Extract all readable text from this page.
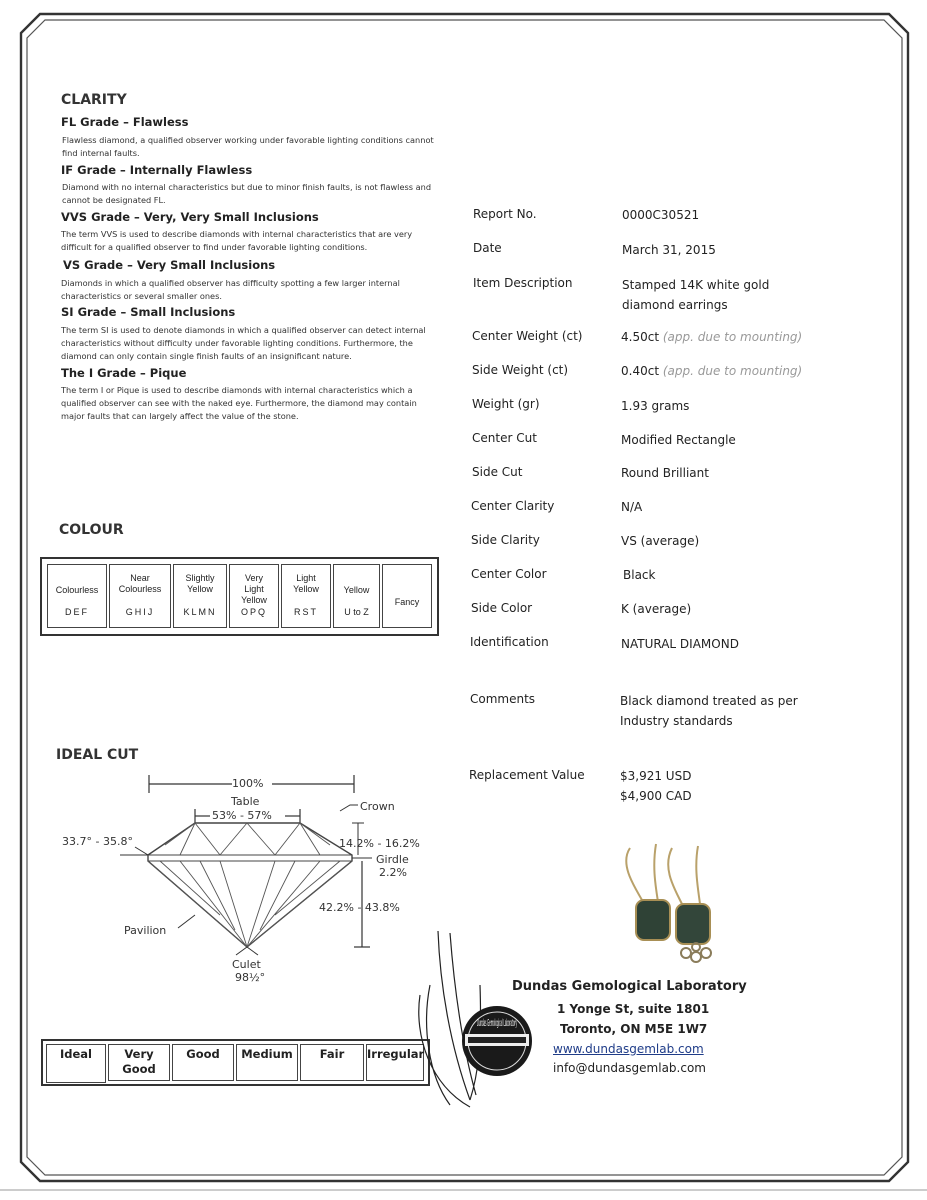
CLARITY
FL Grade – Flawless
Flawless diamond, a qualified observer working under favorable lighting conditions cannot find internal faults.
IF Grade – Internally Flawless
Diamond with no internal characteristics but due to minor finish faults, is not flawless and cannot be designated FL.
VVS Grade – Very, Very Small Inclusions
The term VVS is used to describe diamonds with internal characteristics that are very difficult for a qualified observer to find under favorable lighting conditions.
VS Grade – Very Small Inclusions
Diamonds in which a qualified observer has difficulty spotting a few larger internal characteristics or several smaller ones.
SI Grade – Small Inclusions
The term SI is used to denote diamonds in which a qualified observer can detect internal characteristics without difficulty under favorable lighting conditions. Furthermore, the diamond can only contain single finish faults of an insignificant nature.
The I Grade – Pique
The term I or Pique is used to describe diamonds with internal characteristics which a qualified observer can see with the naked eye. Furthermore, the diamond may contain major faults that can largely affect the value of the stone.
COLOUR
Colourless
DEF
Near Colourless
GHIJ
Slightly Yellow
KLMN
Very Light Yellow
OPQ
Light Yellow
RST
Yellow
U to Z
Fancy
IDEAL CUT
100%
Table
53% - 57%
Crown
33.7° - 35.8°	14.2% - 16.2%
Girdle
2.2%
42.2% - 43.8%
Pavilion
Culet
98½°
Ideal	Very Good
Good	Medium	Fair	Irregular
Report No.	0000C30521
Date	March 31, 2015
Item Description	Stamped 14K white gold diamond earrings
Center Weight (ct)	4.50ct (app. due to mounting)
Side Weight (ct)	0.40ct (app. due to mounting)
Weight (gr)	1.93 grams
Center Cut	Modified Rectangle
Side Cut	Round Brilliant
Center Clarity	N/A
Side Clarity	VS (average)
Center Color	Black
Side Color	K (average)
Identification	NATURAL DIAMOND
Comments	Black diamond treated as per Industry standards
Replacement Value	$3,921 USD
$4,900 CAD
Dundas Gemological Laboratory
Dundas Gemological Laboratory
1 Yonge St, suite 1801
Toronto, ON M5E 1W7
www.dundasgemlab.com
info@dundasgemlab.com
